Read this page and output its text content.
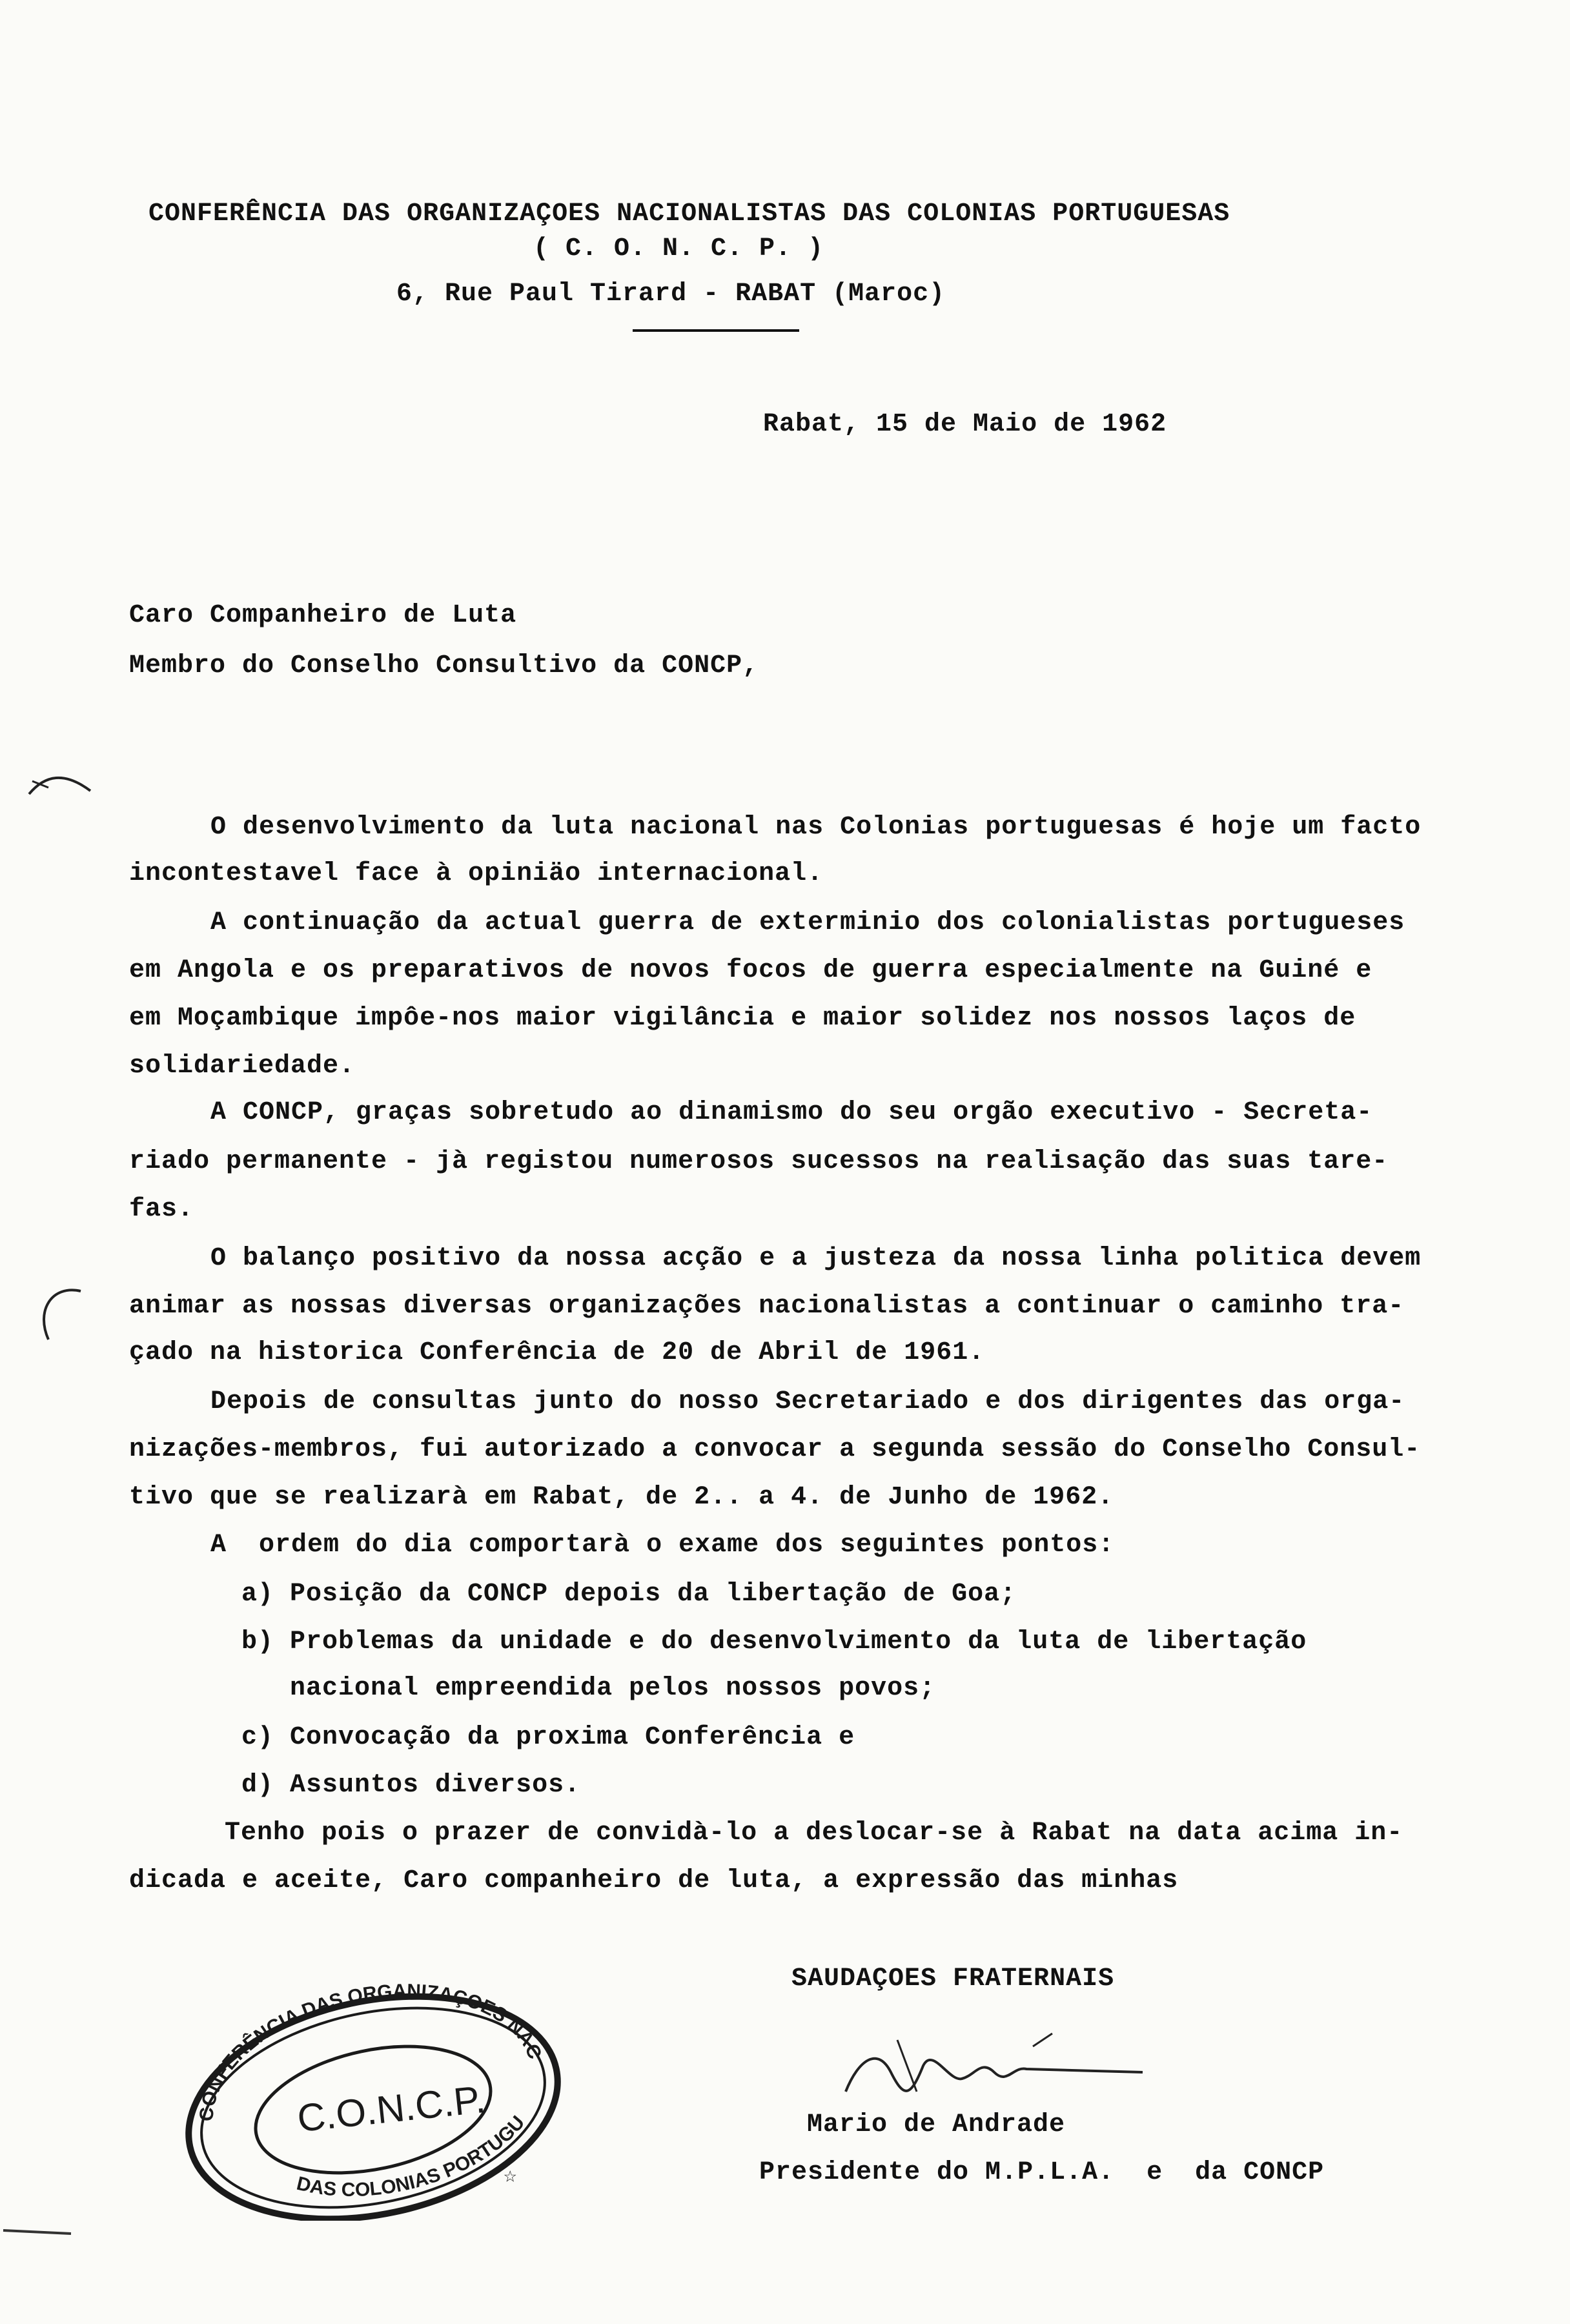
CONFERÊNCIA DAS ORGANIZAÇOES NACIONALISTAS DAS COLONIAS PORTUGUESAS

( C. O. N. C. P. )

6, Rue Paul Tirard - RABAT (Maroc)

Rabat, 15 de Maio de 1962

Caro Companheiro de Luta

Membro do Conselho Consultivo da CONCP,

O desenvolvimento da luta nacional nas Colonias portuguesas é hoje um facto

incontestavel face à opiniäo internacional.

A continuação da actual guerra de exterminio dos colonialistas portugueses

em Angola e os preparativos de novos focos de guerra especialmente na Guiné e

em Moçambique impôe-nos maior vigilância e maior solidez nos nossos laços de

solidariedade.

A CONCP, graças sobretudo ao dinamismo do seu orgão executivo - Secreta-

riado permanente - jà registou numerosos sucessos na realisação das suas tare-

fas.

O balanço positivo da nossa acção e a justeza da nossa linha politica devem

animar as nossas diversas organizações nacionalistas a continuar o caminho tra-

çado na historica Conferência de 20 de Abril de 1961.

Depois de consultas junto do nosso Secretariado e dos dirigentes das orga-

nizações-membros, fui autorizado a convocar a segunda sessão do Conselho Consul-

tivo que se realizarà em Rabat, de 2.. a 4. de Junho de 1962.

A  ordem do dia comportarà o exame dos seguintes pontos:

a) Posição da CONCP depois da libertação de Goa;

b) Problemas da unidade e do desenvolvimento da luta de libertação

nacional empreendida pelos nossos povos;

c) Convocação da proxima Conferência e

d) Assuntos diversos.

Tenho pois o prazer de convidà-lo a deslocar-se à Rabat na data acima in-

dicada e aceite, Caro companheiro de luta, a expressão das minhas

SAUDAÇOES FRATERNAIS

Mario de Andrade

Presidente do M.P.L.A.  e  da CONCP

CONFERÊNCIA DAS ORGANIZAÇOES NACIONALISTAS
DAS COLONIAS PORTUGUESAS
C.O.N.C.P.
☆
